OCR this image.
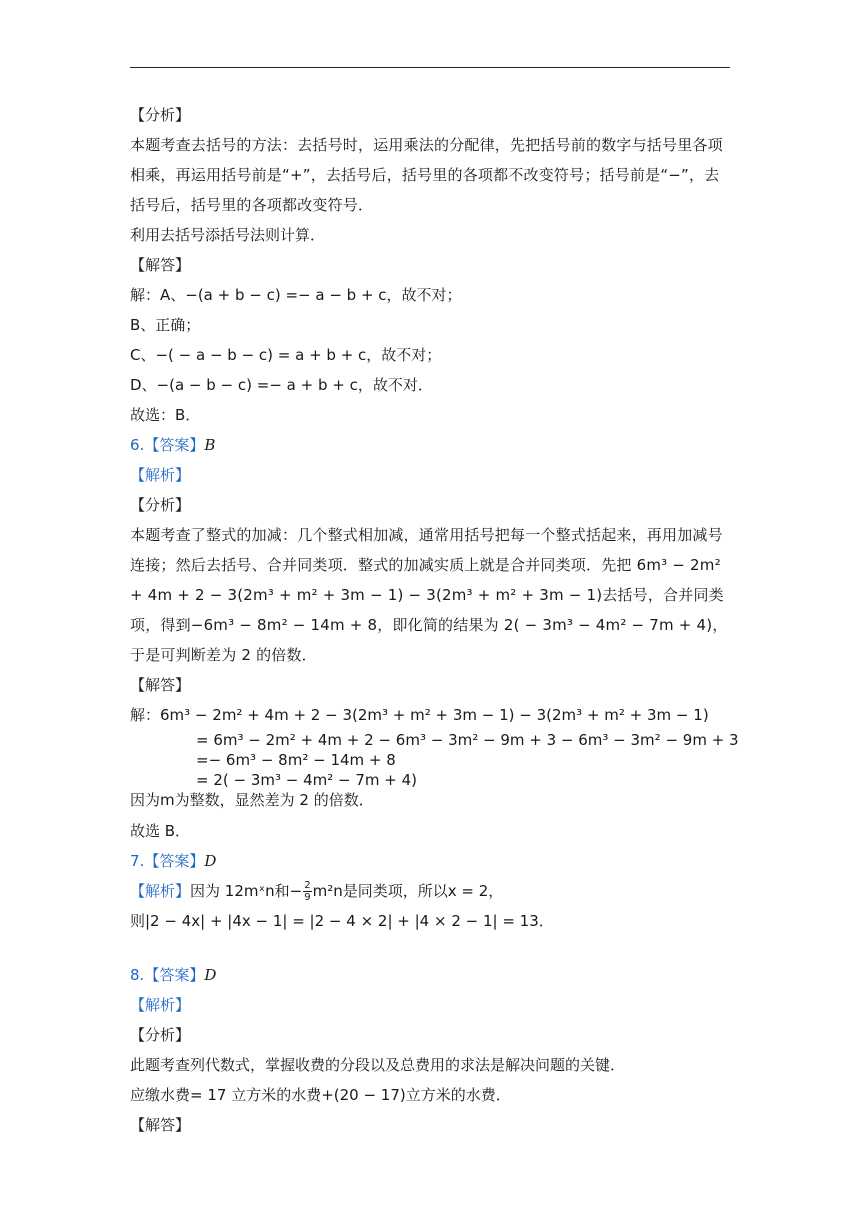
【分析】
本题考查去括号的方法：去括号时，运用乘法的分配律，先把括号前的数字与括号里各项相乘，再运用括号前是“+”，去括号后，括号里的各项都不改变符号；括号前是“−”，去括号后，括号里的各项都改变符号．
利用去括号添括号法则计算．
【解答】
解：A、−(a + b − c) =− a − b + c，故不对；
B、正确；
C、−( − a − b − c) = a + b + c，故不对；
D、−(a − b − c) =− a + b + c，故不对．
故选：B．
6.【答案】B
【解析】
【分析】
本题考查了整式的加减：几个整式相加减，通常用括号把每一个整式括起来，再用加减号连接；然后去括号、合并同类项．整式的加减实质上就是合并同类项．先把 6m³ − 2m² + 4m + 2 − 3(2m³ + m² + 3m − 1) − 3(2m³ + m² + 3m − 1)去括号，合并同类项，得到−6m³ − 8m² − 14m + 8，即化简的结果为 2( − 3m³ − 4m² − 7m + 4)，于是可判断差为 2 的倍数．
【解答】
解：6m³ − 2m² + 4m + 2 − 3(2m³ + m² + 3m − 1) − 3(2m³ + m² + 3m − 1)
= 6m³ − 2m² + 4m + 2 − 6m³ − 3m² − 9m + 3 − 6m³ − 3m² − 9m + 3
=− 6m³ − 8m² − 14m + 8
= 2( − 3m³ − 4m² − 7m + 4)
因为m为整数，显然差为 2 的倍数．
故选 B．
7.【答案】D
【解析】因为 12mˣn和− $\frac{2}{9} m^2n$是同类项，所以x = 2，
则|2 − 4x| + |4x − 1| = |2 − 4 × 2| + |4 × 2 − 1| = 13．
8.【答案】D
【解析】
【分析】
此题考查列代数式，掌握收费的分段以及总费用的求法是解决问题的关键．
应缴水费= 17 立方米的水费+(20 − 17)立方米的水费．
【解答】
